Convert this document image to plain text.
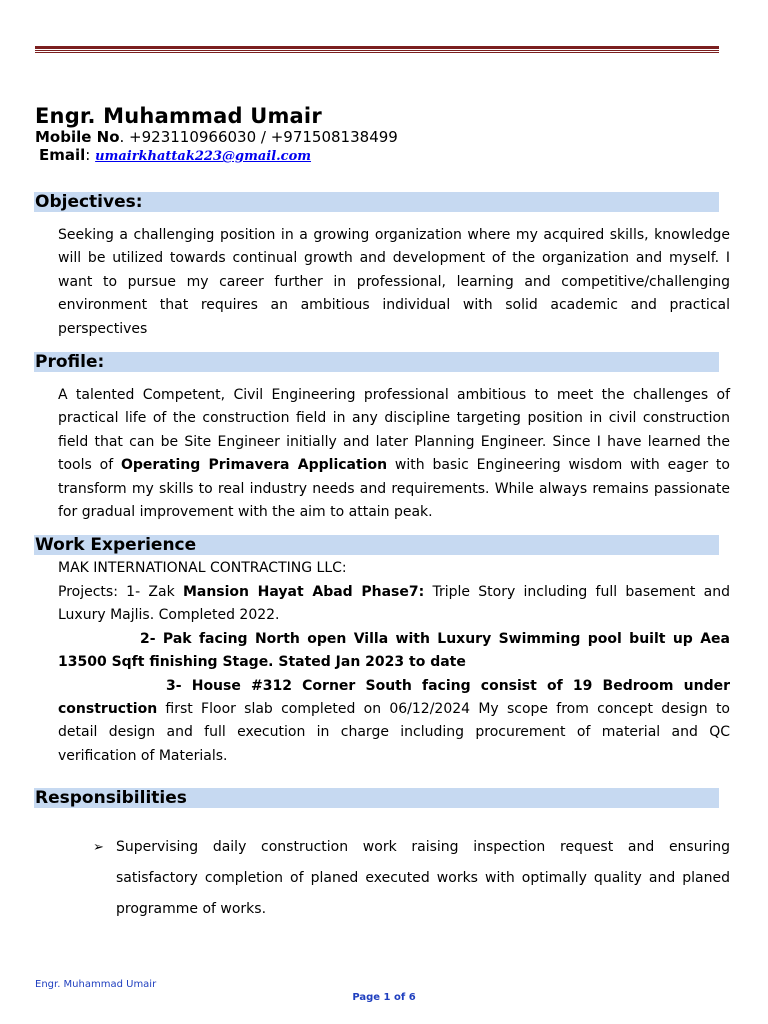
Engr. Muhammad Umair
Mobile No. +923110966030 / +971508138499
Email: umairkhattak223@gmail.com
Objectives:
Seeking a challenging position in a growing organization where my acquired skills, knowledge will be utilized towards continual growth and development of the organization and myself. I want to pursue my career further in professional, learning and competitive/challenging environment that requires an ambitious individual with solid academic and practical perspectives
Profile:
A talented Competent, Civil Engineering professional ambitious to meet the challenges of practical life of the construction field in any discipline targeting position in civil construction field that can be Site Engineer initially and later Planning Engineer. Since I have learned the tools of Operating Primavera Application with basic Engineering wisdom with eager to transform my skills to real industry needs and requirements. While always remains passionate for gradual improvement with the aim to attain peak.
Work Experience
MAK INTERNATIONAL CONTRACTING LLC:
Projects: 1- Zak Mansion Hayat Abad Phase7: Triple Story including full basement and
Luxury Majlis. Completed 2022.
2- Pak facing North open Villa with Luxury Swimming pool built up Aea
13500 Sqft finishing Stage. Stated Jan 2023 to date
3- House #312 Corner South facing consist of 19 Bedroom under
construction first Floor slab completed on 06/12/2024 My scope from concept design to
detail design and full execution in charge including procurement of material and QC
verification of Materials.
Responsibilities
➢ Supervising daily construction work raising inspection request and ensuring satisfactory completion of planed executed works with optimally quality and planed programme of works.
Engr. Muhammad Umair
Page 1 of 6
